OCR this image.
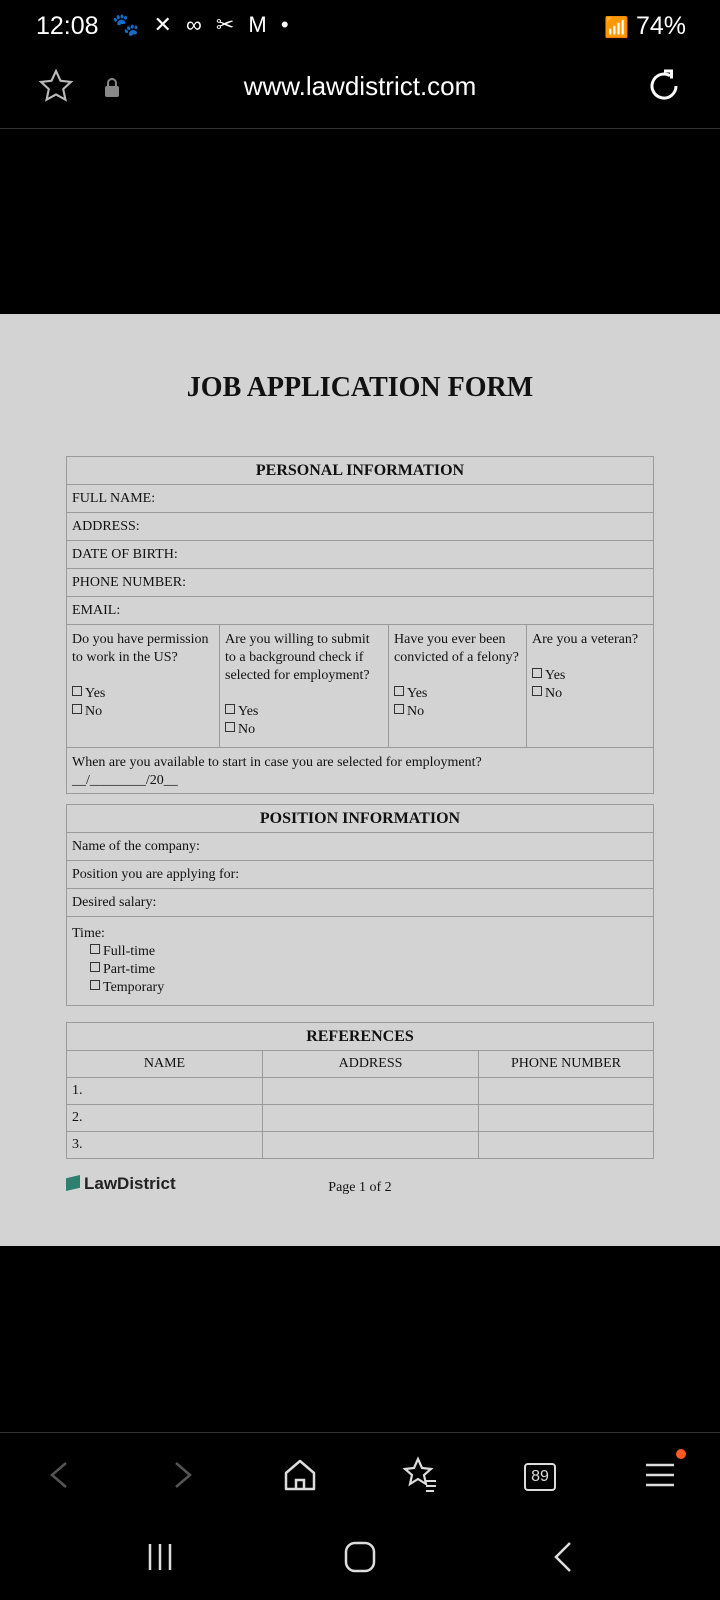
12:08 🐾 ✕ ∞ ✂ M •	📶 74%
www.lawdistrict.com
JOB APPLICATION FORM
PERSONAL INFORMATION
FULL NAME:
ADDRESS:
DATE OF BIRTH:
PHONE NUMBER:
EMAIL:
Do you have permission to work in the US?

Yes
No
Are you willing to submit to a background check if selected for employment?

Yes
No
Have you ever been convicted of a felony?

Yes
No
Are you a veteran?

Yes
No
When are you available to start in case you are selected for employment?
__/________/20__
POSITION INFORMATION
Name of the company:
Position you are applying for:
Desired salary:
Time:
Full-time
Part-time
Temporary
REFERENCES
NAME	ADDRESS	PHONE NUMBER
1.		
2.		
3.		
LawDistrict	Page 1 of 2
89
